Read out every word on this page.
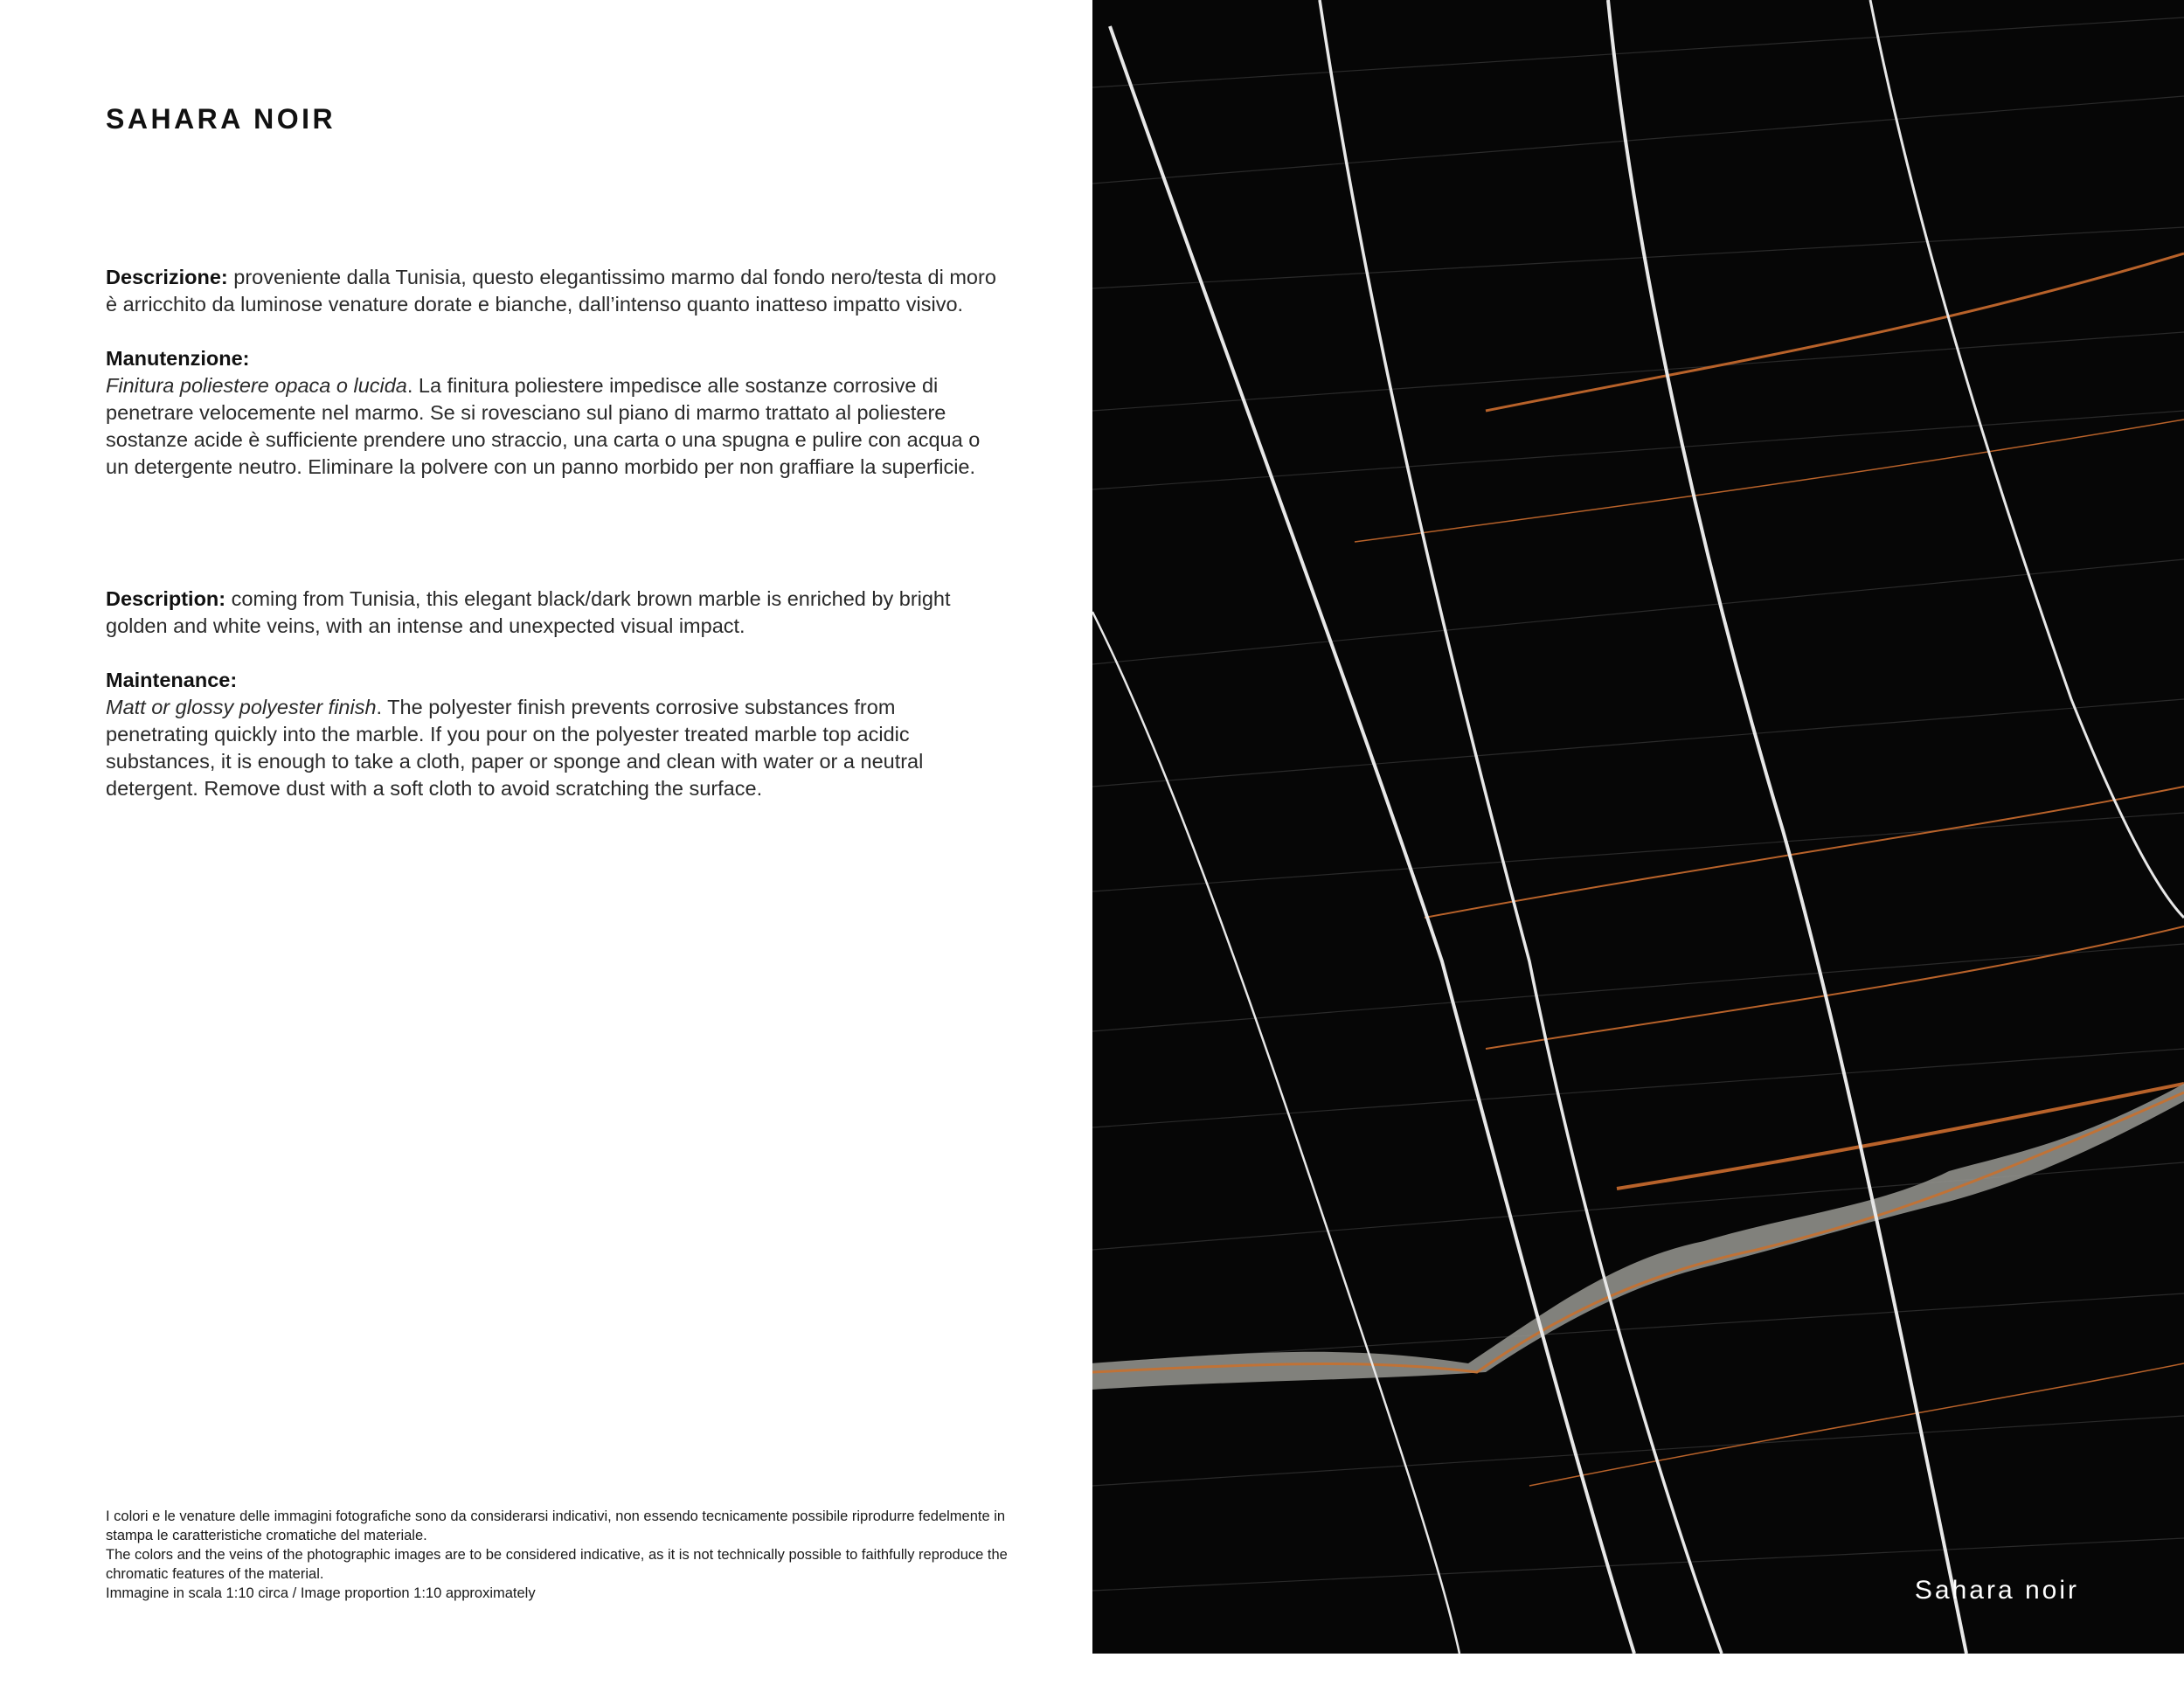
SAHARA NOIR

Descrizione: proveniente dalla Tunisia, questo elegantissimo marmo dal fondo nero/testa di moro è arricchito da luminose venature dorate e bianche, dall’intenso quanto inatteso impatto visivo.

Manutenzione:

Finitura poliestere opaca o lucida. La finitura poliestere impedisce alle sostanze corrosive di penetrare velocemente nel marmo. Se si rovesciano sul piano di marmo trattato al poliestere sostanze acide è sufficiente prendere uno straccio, una carta o una spugna e pulire con acqua o un detergente neutro. Eliminare la polvere con un panno morbido per non graffiare la superficie.

Description: coming from Tunisia, this elegant black/dark brown marble is enriched by bright golden and white veins, with an intense and unexpected visual impact.

Maintenance:

Matt or glossy polyester finish. The polyester finish prevents corrosive substances from penetrating quickly into the marble. If you pour on the polyester treated marble top acidic substances, it is enough to take a cloth, paper or sponge and clean with water or a neutral detergent. Remove dust with a soft cloth to avoid scratching the surface.

I colori e le venature delle immagini fotografiche sono da considerarsi indicativi, non essendo tecnicamente possibile riprodurre fedelmente in stampa le caratteristiche cromatiche del materiale.

The colors and the veins of the photographic images are to be considered indicative, as it is not technically possible to faithfully reproduce the chromatic features of the material.

Immagine in scala 1:10 circa / Image proportion 1:10 approximately	Sahara noir
